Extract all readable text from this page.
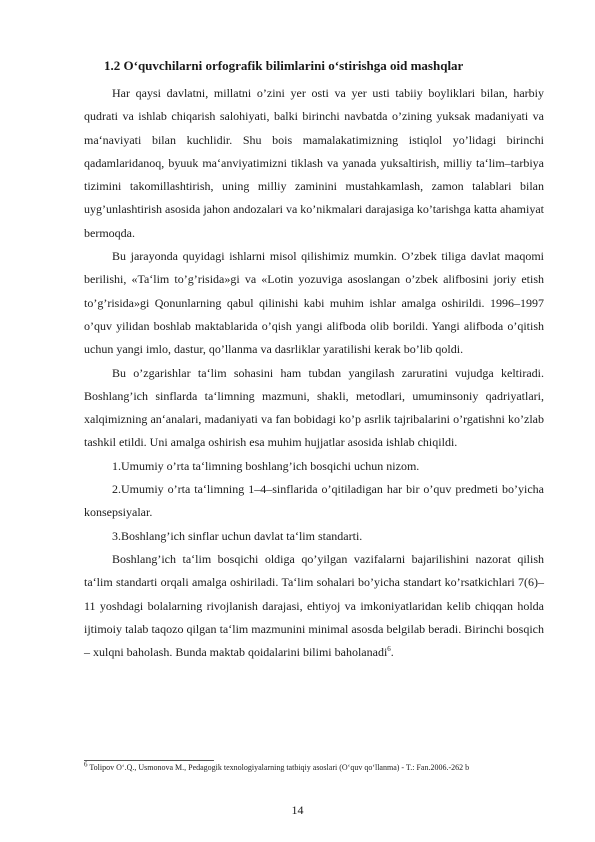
1.2 O‘quvchilarni orfografik bilimlarini o‘stirishga oid mashqlar

Har qaysi davlatni, millatni o’zini yer osti va yer usti tabiiy boyliklari bilan, harbiy qudrati va ishlab chiqarish salohiyati, balki birinchi navbatda o’zining yuksak madaniyati va ma‘naviyati bilan kuchlidir. Shu bois mamalakatimizning istiqlol yo’lidagi birinchi qadamlaridanoq, byuuk ma‘anviyatimizni tiklash va yanada yuksaltirish, milliy ta‘lim–tarbiya tizimini takomillashtirish, uning milliy zaminini mustahkamlash, zamon talablari bilan uyg’unlashtirish asosida jahon andozalari va ko’nikmalari darajasiga ko’tarishga katta ahamiyat bermoqda.

Bu jarayonda quyidagi ishlarni misol qilishimiz mumkin. O’zbek tiliga davlat maqomi berilishi, «Ta‘lim to’g’risida»gi va «Lotin yozuviga asoslangan o’zbek alifbosini joriy etish to’g’risida»gi Qonunlarning qabul qilinishi kabi muhim ishlar amalga oshirildi. 1996–1997 o’quv yilidan boshlab maktablarida o’qish yangi alifboda olib borildi. Yangi alifboda o’qitish uchun yangi imlo, dastur, qo’llanma va dasrliklar yaratilishi kerak bo’lib qoldi.

Bu o’zgarishlar ta‘lim sohasini ham tubdan yangilash zaruratini vujudga keltiradi. Boshlang’ich sinflarda ta‘limning mazmuni, shakli, metodlari, umuminsoniy qadriyatlari, xalqimizning an‘analari, madaniyati va fan bobidagi ko’p asrlik tajribalarini o’rgatishni ko’zlab tashkil etildi. Uni amalga oshirish esa muhim hujjatlar asosida ishlab chiqildi.

1.Umumiy o’rta ta‘limning boshlang’ich bosqichi uchun nizom.

2.Umumiy o’rta ta‘limning 1–4–sinflarida o’qitiladigan har bir o’quv predmeti bo’yicha konsepsiyalar.

3.Boshlang’ich sinflar uchun davlat ta‘lim standarti.

Boshlang’ich ta‘lim bosqichi oldiga qo’yilgan vazifalarni bajarilishini nazorat qilish ta‘lim standarti orqali amalga oshiriladi. Ta‘lim sohalari bo’yicha standart ko’rsatkichlari 7(6)–11 yoshdagi bolalarning rivojlanish darajasi, ehtiyoj va imkoniyatlaridan kelib chiqqan holda ijtimoiy talab taqozo qilgan ta‘lim mazmunini minimal asosda belgilab beradi. Birinchi bosqich – xulqni baholash. Bunda maktab qoidalarini bilimi baholanadi$^6$.

$^6$ Tolipov O‘.Q., Usmonova M., Pedagogik texnologiyalarning tatbiqiy asoslari (O‘quv qo‘llanma) - T.: Fan.2006.-262 b
14
